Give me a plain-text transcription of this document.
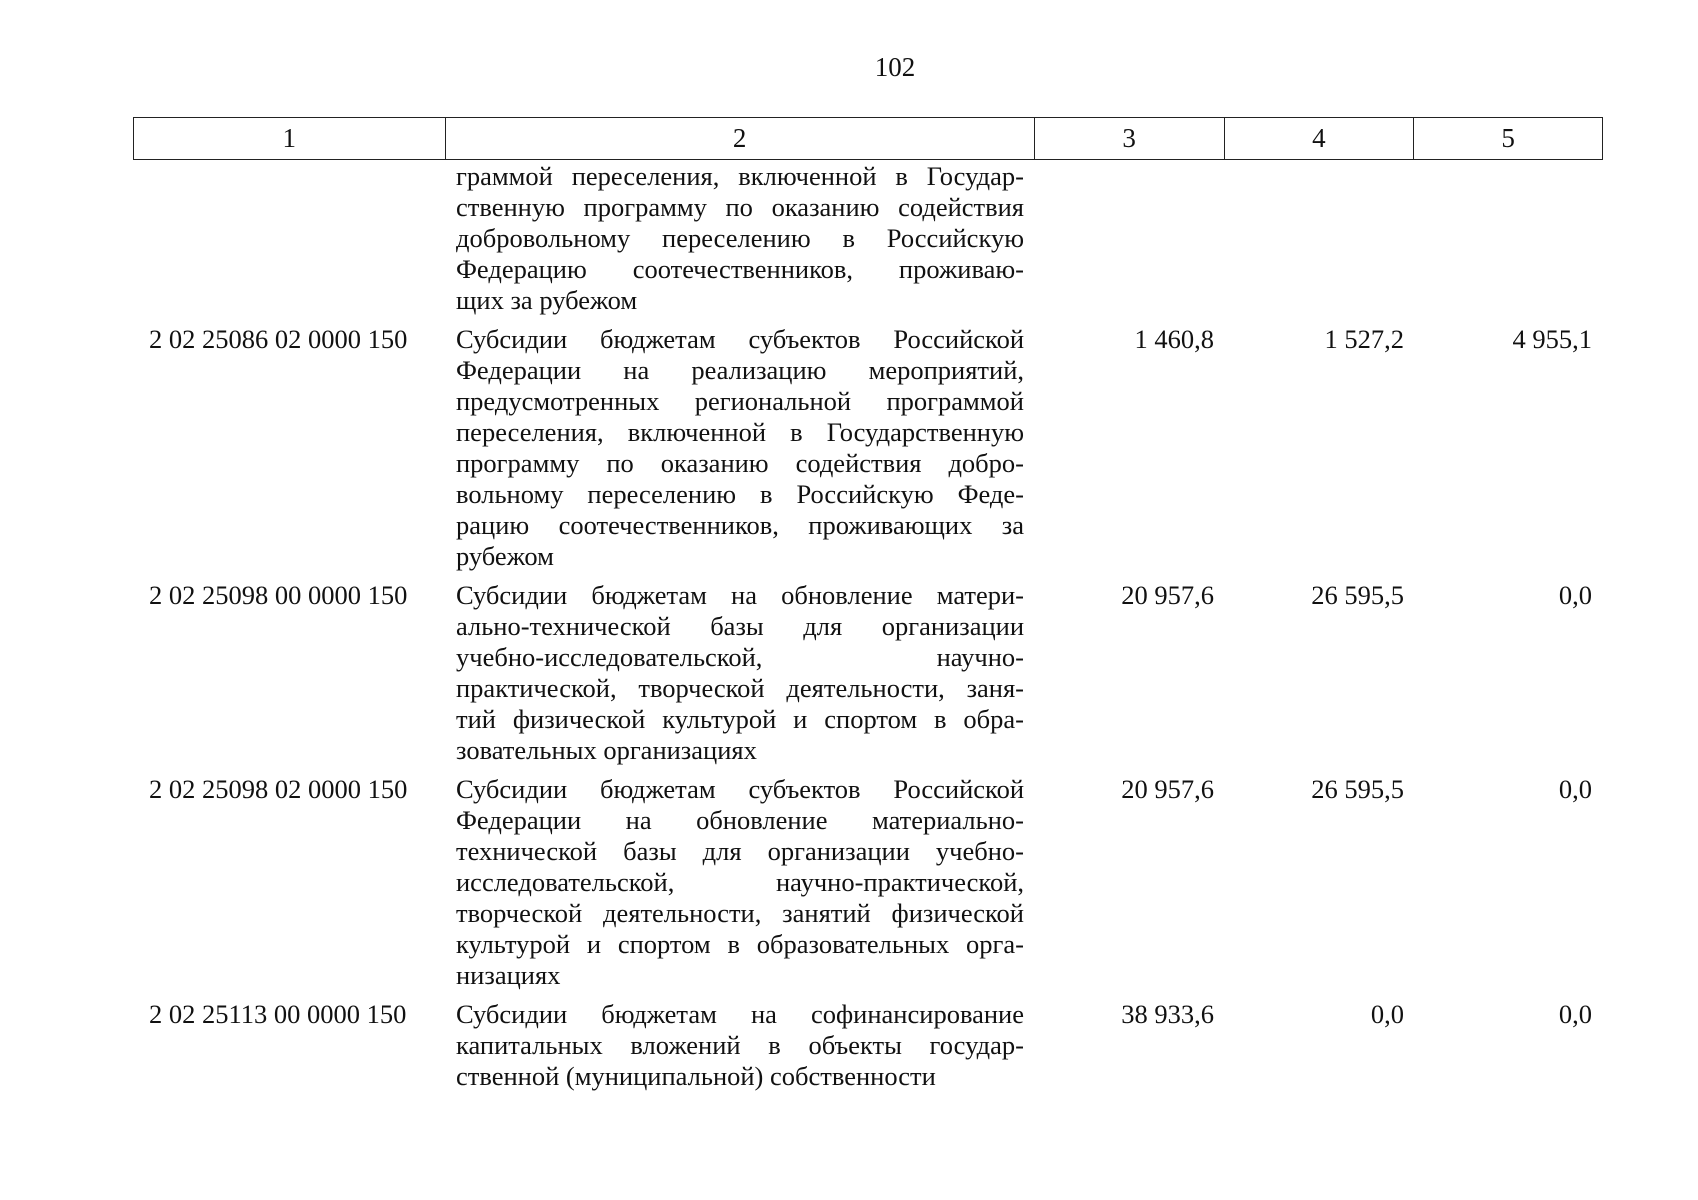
102
1	2	3	4	5
граммой переселения, включенной в Государ-
ственную программу по оказанию содействия
добровольному переселению в Российскую
Федерацию соотечественников, проживаю-
щих за рубежом
2 02 25086 02 0000 150	Субсидии бюджетам субъектов Российской
Федерации на реализацию мероприятий,
предусмотренных региональной программой
переселения, включенной в Государственную
программу по оказанию содействия добро-
вольному переселению в Российскую Феде-
рацию соотечественников, проживающих за
рубежом
1 460,8	1 527,2	4 955,1
2 02 25098 00 0000 150	Субсидии бюджетам на обновление матери-
ально-технической базы для организации
учебно-исследовательской, научно-
практической, творческой деятельности, заня-
тий физической культурой и спортом в обра-
зовательных организациях
20 957,6	26 595,5	0,0
2 02 25098 02 0000 150	Субсидии бюджетам субъектов Российской
Федерации на обновление материально-
технической базы для организации учебно-
исследовательской, научно-практической,
творческой деятельности, занятий физической
культурой и спортом в образовательных орга-
низациях
20 957,6	26 595,5	0,0
2 02 25113 00 0000 150	Субсидии бюджетам на софинансирование
капитальных вложений в объекты государ-
ственной (муниципальной) собственности
38 933,6	0,0	0,0
